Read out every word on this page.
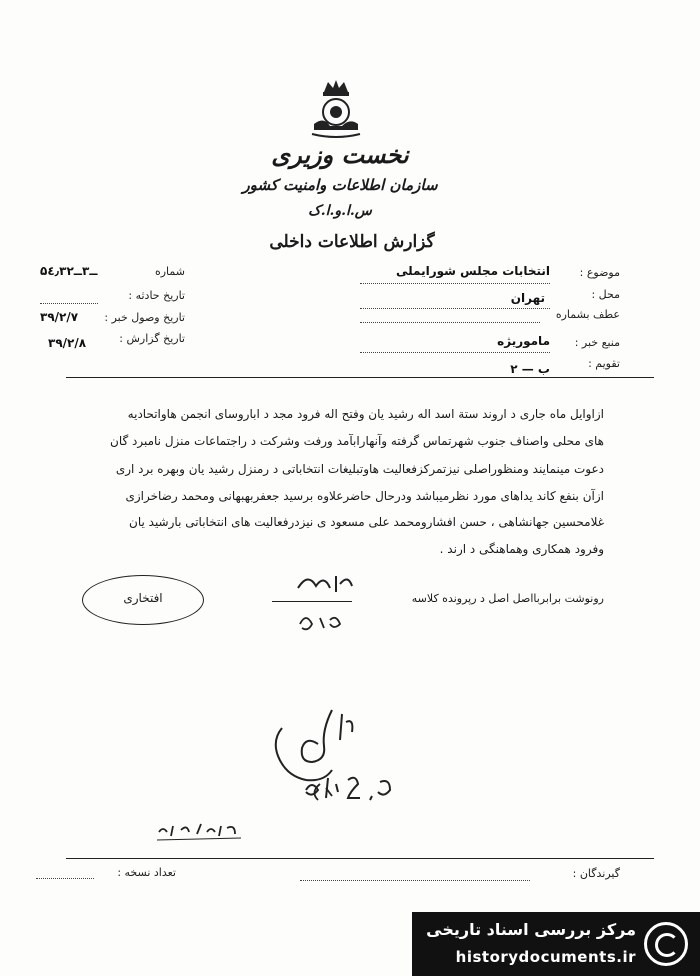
نخست وزیری
سازمان اطلاعات وامنیت کشور
س.ا.و.ا.ک
گزارش اطلاعات داخلی
موضوع :
انتخابات مجلس شورایملی
محل :
تهران
عطف بشماره
منبع خبر :
ماموریژه
تقویم :
ب — ۲
شماره
۵٤٫۳ــ۳ــ۲
تاریخ حادثه :
تاریخ وصول خبر :
۳٩/۲/۷
تاریخ گزارش :
۳٩/۲/۸
ازاوایل ماه جاری د اروند ستة اسد اله رشید یان وفتح اله فرود مجد د اباروسای انجمن هاواتحادیه
های محلی واصناف جنوب شهرتماس گرفته وآنهارابآمد ورفت وشرکت د راجتماعات منزل نامبرد گان
دعوت مینمایند ومنظوراصلی نیزتمرکزفعالیت هاوتبلیغات انتخاباتی د رمنزل رشید یان وبهره برد اری
ازآن بنفع کاند یداهای مورد نظرمیباشد ودرحال حاضرعلاوه برسید جعفربهبهانی ومحمد رضاخرازی
غلامحسین جهانشاهی ، حسن افشارومحمد علی مسعود ی نیزدرفعالیت های انتخاباتی بارشید یان
وفرود همکاری وهماهنگی د ارند .
رونوشت برابربااصل اصل د رپرونده کلاسه
افتخاری
گیرندگان :
تعداد نسخه :
مرکز بررسی اسناد تاریخی
historydocuments.ir
